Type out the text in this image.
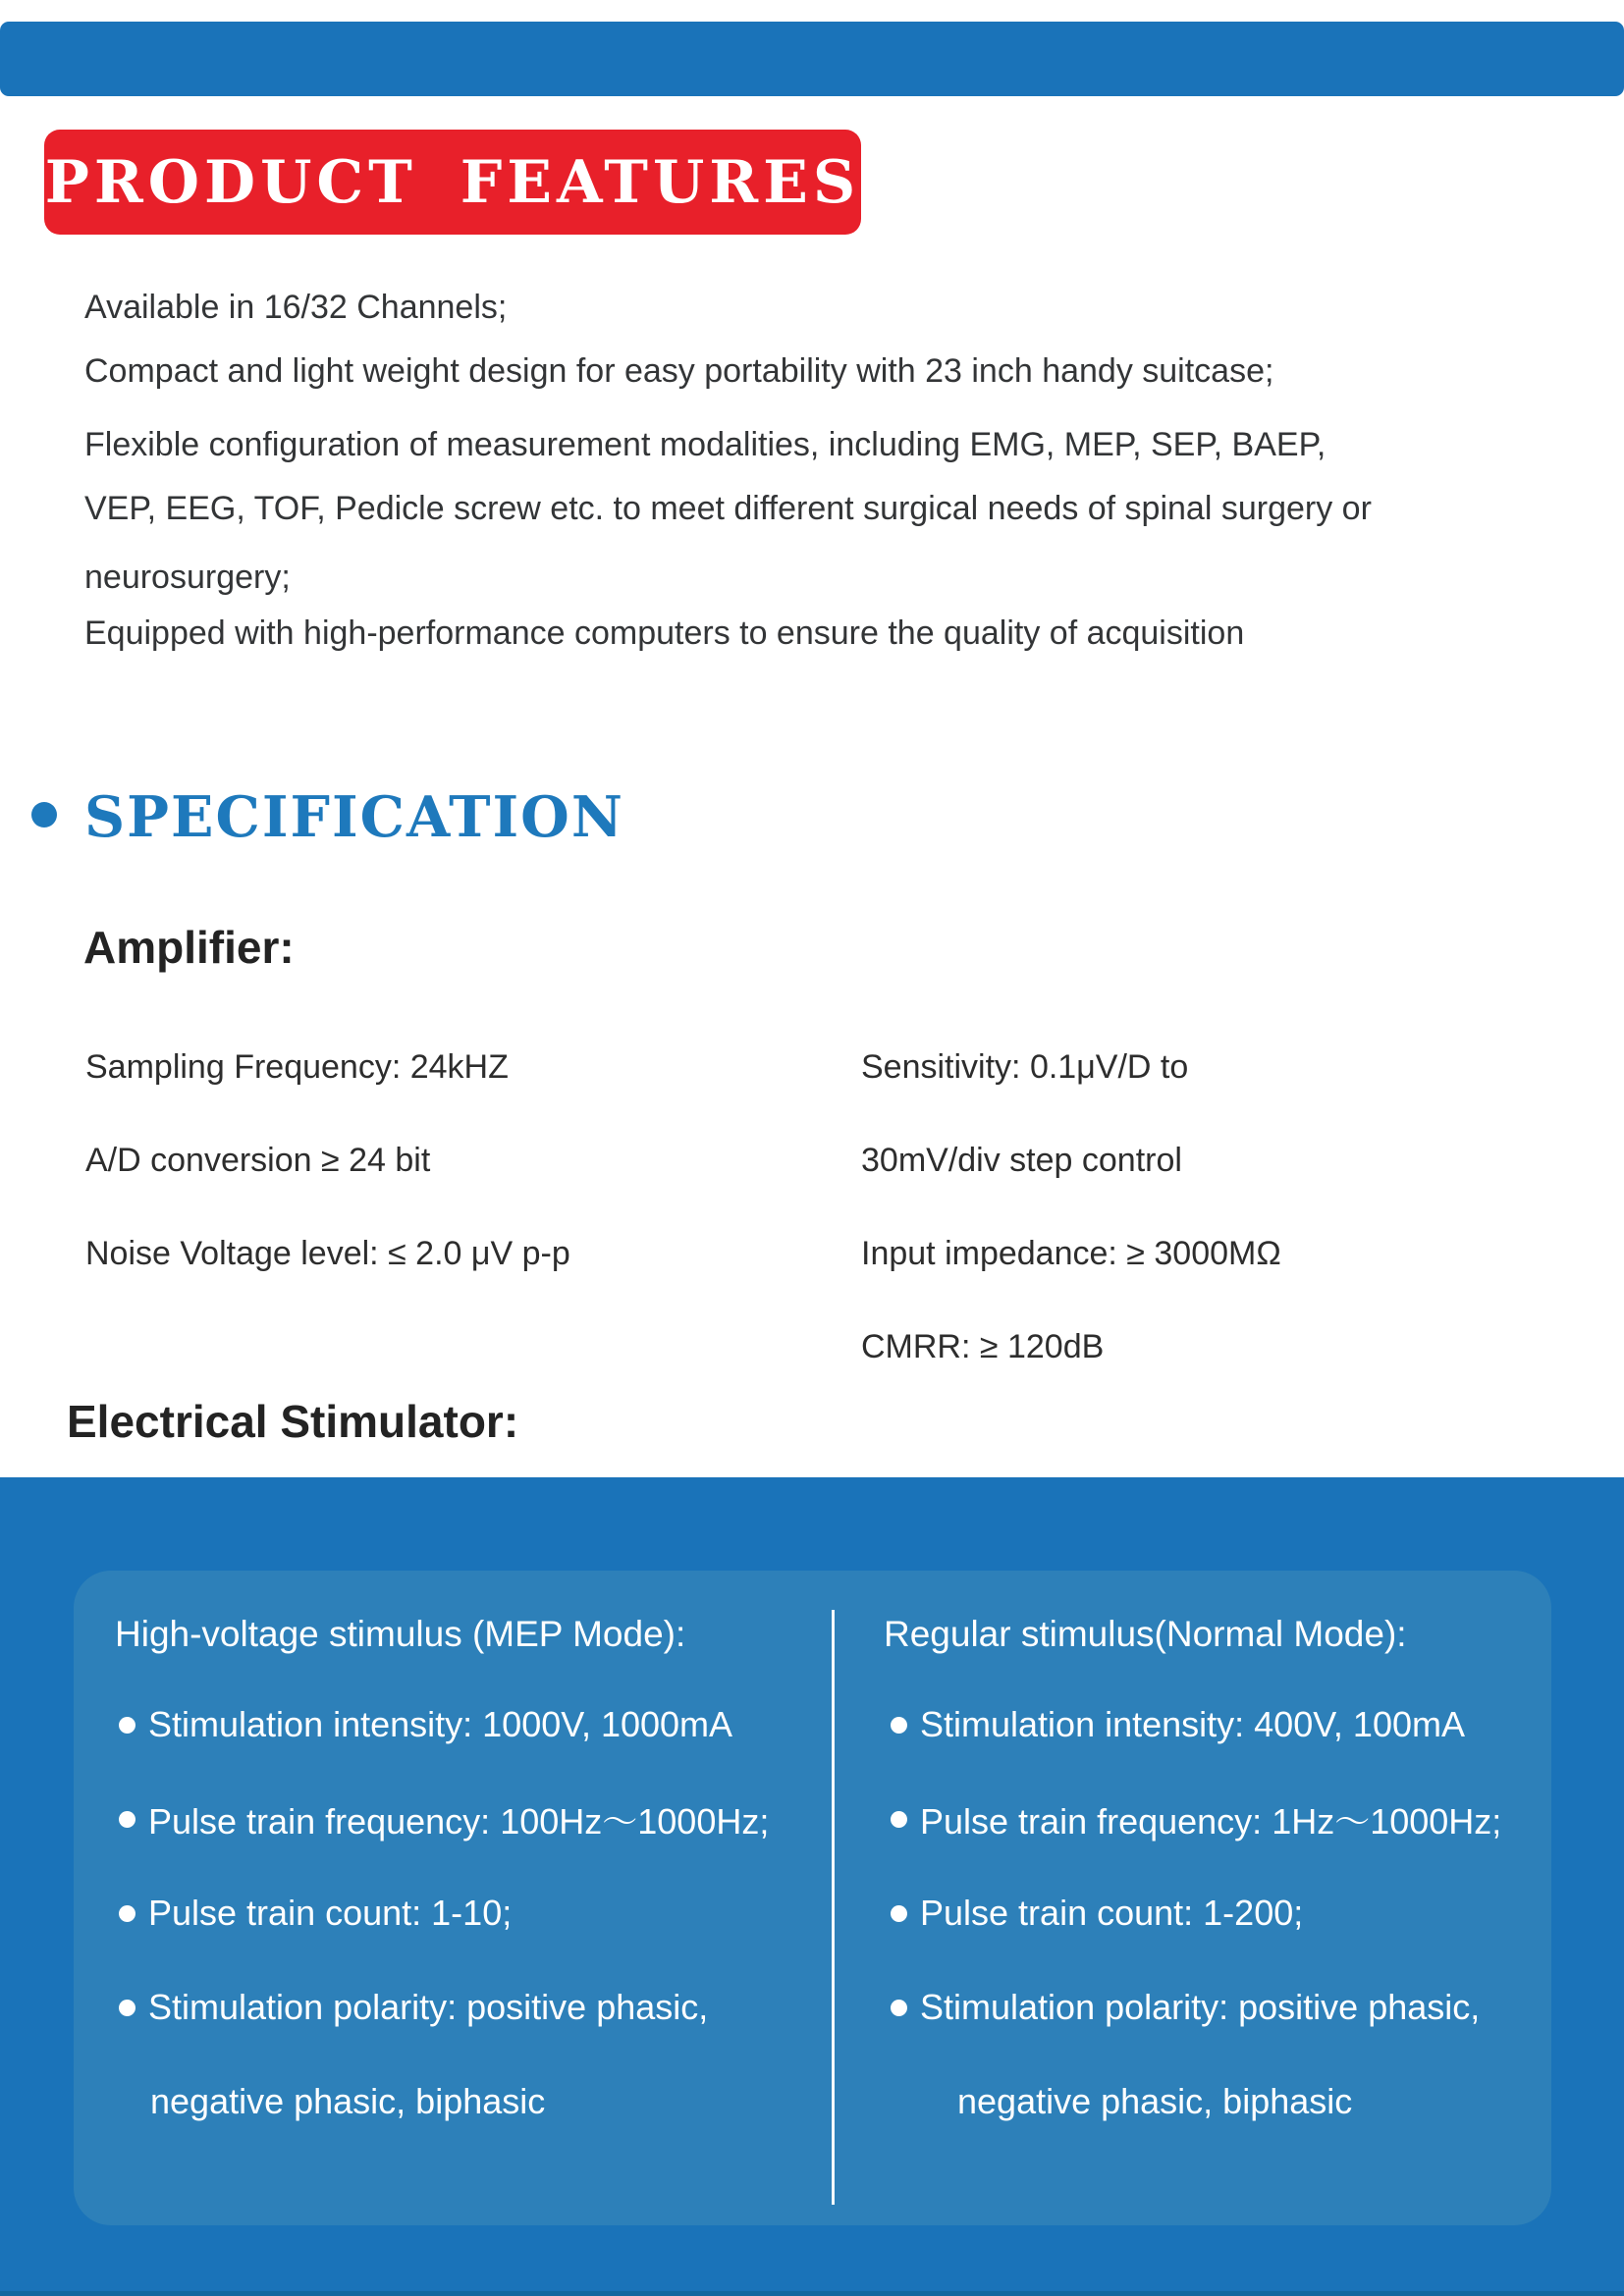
PRODUCT FEATURES
Available in 16/32 Channels;
Compact and light weight design for easy portability with 23 inch handy suitcase;
Flexible configuration of measurement modalities, including EMG, MEP, SEP, BAEP,
VEP, EEG, TOF, Pedicle screw etc. to meet different surgical needs of spinal surgery or
neurosurgery;
Equipped with high-performance computers to ensure the quality of acquisition
SPECIFICATION
Amplifier:
Sampling Frequency: 24kHZ
A/D conversion ≥ 24 bit
Noise Voltage level: ≤ 2.0 μV p-p
Sensitivity: 0.1μV/D to
30mV/div step control
Input impedance: ≥ 3000MΩ
CMRR: ≥ 120dB
Electrical Stimulator:
High-voltage stimulus (MEP Mode):	Regular stimulus(Normal Mode):
Stimulation intensity: 1000V, 1000mA
Pulse train frequency: 100Hz～1000Hz;
Pulse train count: 1-10;
Stimulation polarity: positive phasic,
negative phasic, biphasic
Stimulation intensity: 400V, 100mA
Pulse train frequency: 1Hz～1000Hz;
Pulse train count: 1-200;
Stimulation polarity: positive phasic,
negative phasic, biphasic
